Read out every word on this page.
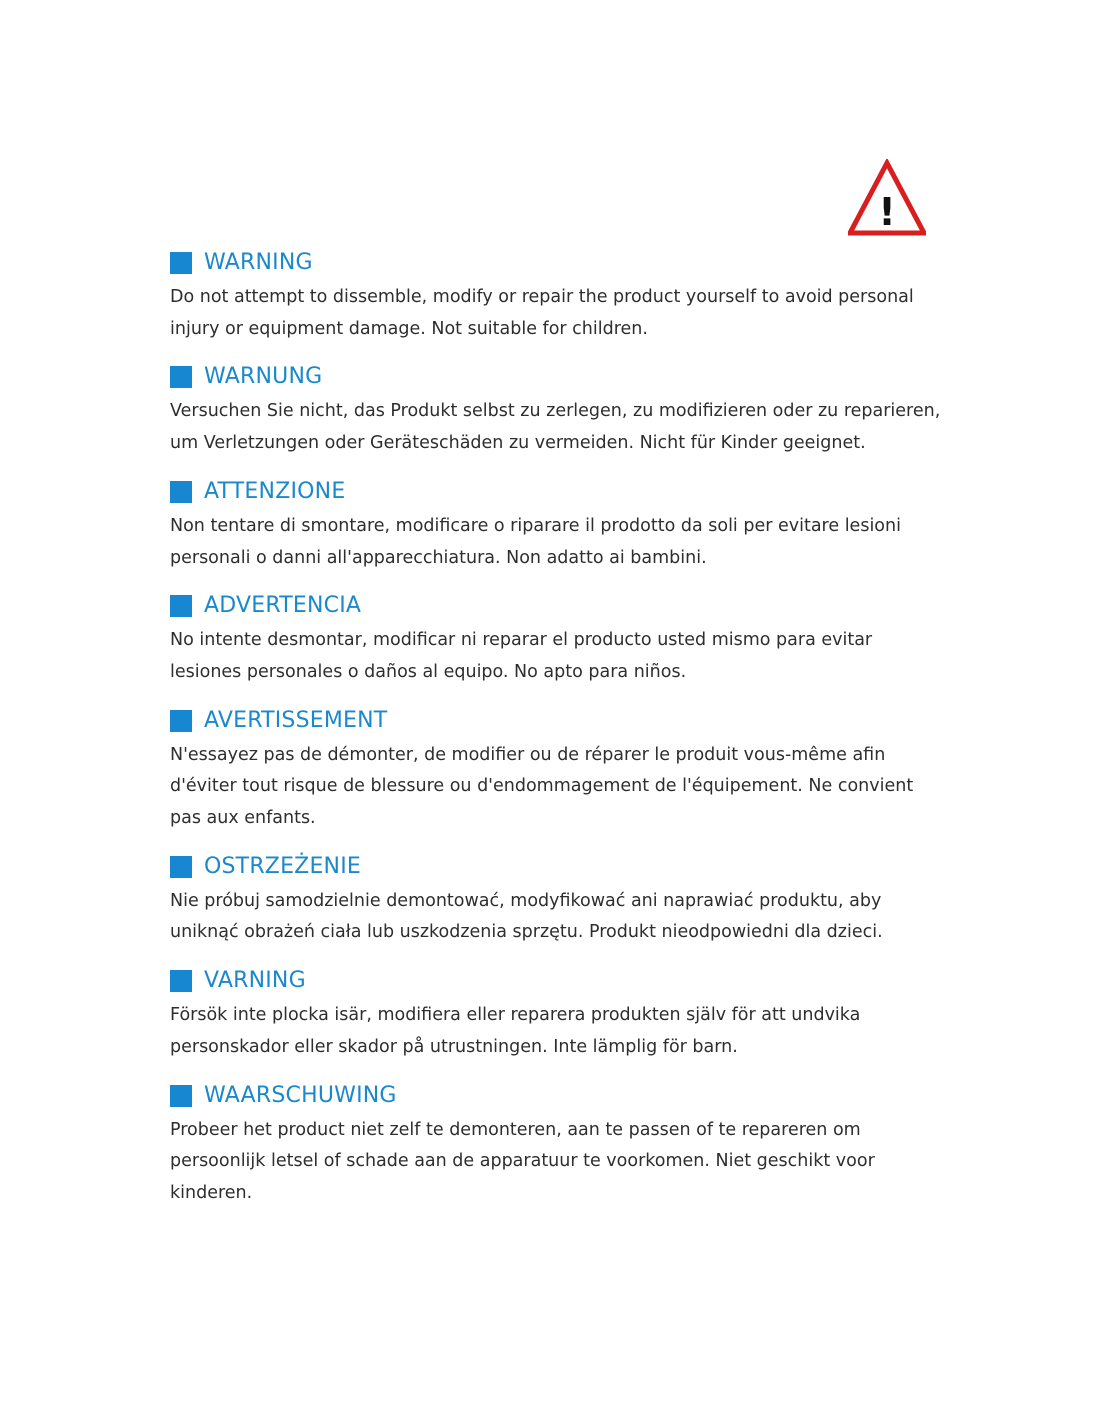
!
WARNING

Do not attempt to dissemble, modify or repair the product yourself to avoid personal injury or equipment damage. Not suitable for children.

WARNUNG

Versuchen Sie nicht, das Produkt selbst zu zerlegen, zu modifizieren oder zu reparieren, um Verletzungen oder Geräteschäden zu vermeiden. Nicht für Kinder geeignet.

ATTENZIONE

Non tentare di smontare, modificare o riparare il prodotto da soli per evitare lesioni personali o danni all'apparecchiatura. Non adatto ai bambini.

ADVERTENCIA

No intente desmontar, modificar ni reparar el producto usted mismo para evitar lesiones personales o daños al equipo. No apto para niños.

AVERTISSEMENT

N'essayez pas de démonter, de modifier ou de réparer le produit vous-même afin d'éviter tout risque de blessure ou d'endommagement de l'équipement. Ne convient pas aux enfants.

OSTRZEŻENIE

Nie próbuj samodzielnie demontować, modyfikować ani naprawiać produktu, aby uniknąć obrażeń ciała lub uszkodzenia sprzętu. Produkt nieodpowiedni dla dzieci.

VARNING

Försök inte plocka isär, modifiera eller reparera produkten själv för att undvika personskador eller skador på utrustningen. Inte lämplig för barn.

WAARSCHUWING

Probeer het product niet zelf te demonteren, aan te passen of te repareren om persoonlijk letsel of schade aan de apparatuur te voorkomen. Niet geschikt voor kinderen.
